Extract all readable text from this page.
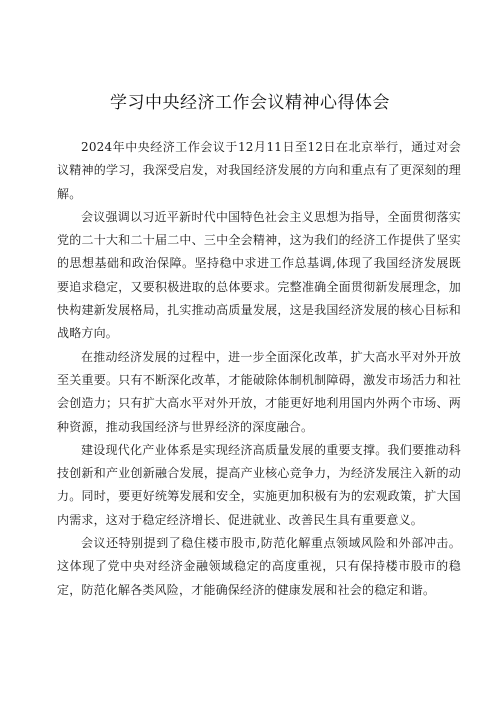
学习中央经济工作会议精神心得体会

2024年中央经济工作会议于12月11日至12日在北京举行，通过对会议精神的学习，我深受启发，对我国经济发展的方向和重点有了更深刻的理解。

会议强调以习近平新时代中国特色社会主义思想为指导，全面贯彻落实党的二十大和二十届二中、三中全会精神，这为我们的经济工作提供了坚实的思想基础和政治保障。坚持稳中求进工作总基调,体现了我国经济发展既要追求稳定，又要积极进取的总体要求。完整准确全面贯彻新发展理念，加快构建新发展格局，扎实推动高质量发展，这是我国经济发展的核心目标和战略方向。

在推动经济发展的过程中，进一步全面深化改革，扩大高水平对外开放至关重要。只有不断深化改革，才能破除体制机制障碍，激发市场活力和社会创造力；只有扩大高水平对外开放，才能更好地利用国内外两个市场、两种资源，推动我国经济与世界经济的深度融合。

建设现代化产业体系是实现经济高质量发展的重要支撑。我们要推动科技创新和产业创新融合发展，提高产业核心竞争力，为经济发展注入新的动力。同时，要更好统筹发展和安全，实施更加积极有为的宏观政策，扩大国内需求，这对于稳定经济增长、促进就业、改善民生具有重要意义。

会议还特别提到了稳住楼市股市,防范化解重点领域风险和外部冲击。这体现了党中央对经济金融领域稳定的高度重视，只有保持楼市股市的稳定，防范化解各类风险，才能确保经济的健康发展和社会的稳定和谐。
